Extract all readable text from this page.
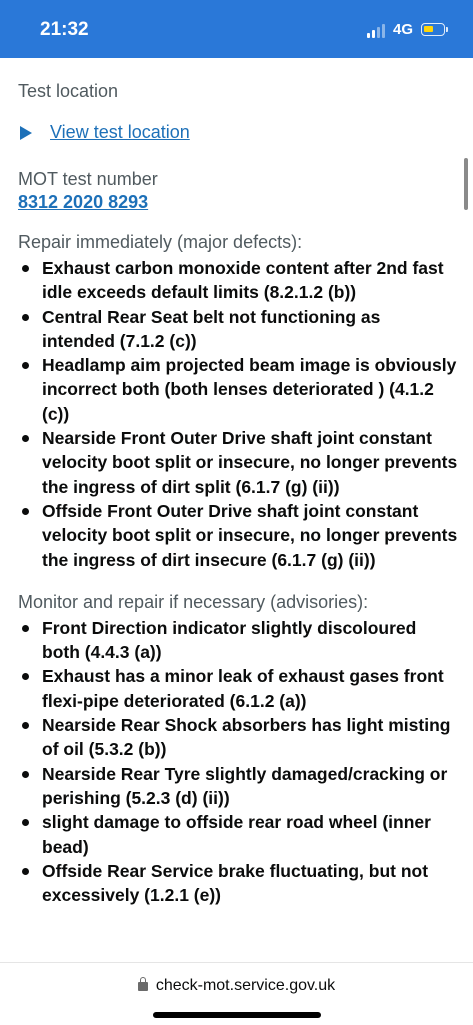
21:32	4G
Test location
View test location
MOT test number
8312 2020 8293
Repair immediately (major defects):
Exhaust carbon monoxide content after 2nd fast idle exceeds default limits (8.2.1.2 (b))
Central Rear Seat belt not functioning as intended (7.1.2 (c))
Headlamp aim projected beam image is obviously incorrect both (both lenses deteriorated ) (4.1.2 (c))
Nearside Front Outer Drive shaft joint constant velocity boot split or insecure, no longer prevents the ingress of dirt split (6.1.7 (g) (ii))
Offside Front Outer Drive shaft joint constant velocity boot split or insecure, no longer prevents the ingress of dirt insecure (6.1.7 (g) (ii))
Monitor and repair if necessary (advisories):
Front Direction indicator slightly discoloured both (4.4.3 (a))
Exhaust has a minor leak of exhaust gases front flexi-pipe deteriorated (6.1.2 (a))
Nearside Rear Shock absorbers has light misting of oil (5.3.2 (b))
Nearside Rear Tyre slightly damaged/cracking or perishing (5.2.3 (d) (ii))
slight damage to offside rear road wheel (inner bead)
Offside Rear Service brake fluctuating, but not excessively (1.2.1 (e))
check-mot.service.gov.uk
